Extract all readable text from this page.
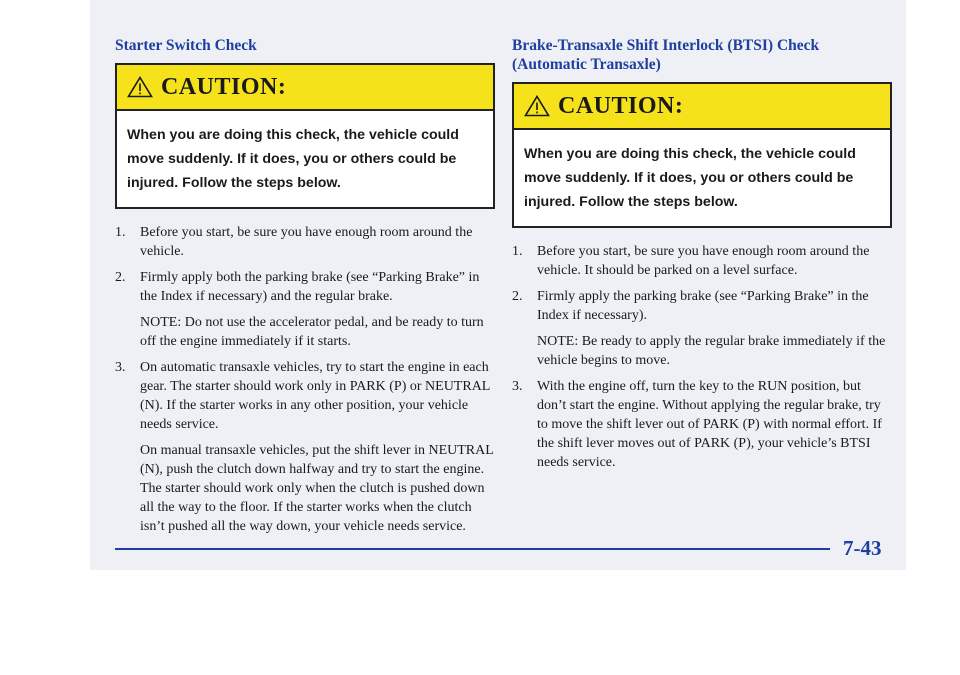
Starter Switch Check
CAUTION:
When you are doing this check, the vehicle could move suddenly. If it does, you or others could be injured. Follow the steps below.
1. Before you start, be sure you have enough room around the vehicle.
2. Firmly apply both the parking brake (see “Parking Brake” in the Index if necessary) and the regular brake.
NOTE: Do not use the accelerator pedal, and be ready to turn off the engine immediately if it starts.
3. On automatic transaxle vehicles, try to start the engine in each gear. The starter should work only in PARK (P) or NEUTRAL (N). If the starter works in any other position, your vehicle needs service.
On manual transaxle vehicles, put the shift lever in NEUTRAL (N), push the clutch down halfway and try to start the engine. The starter should work only when the clutch is pushed down all the way to the floor. If the starter works when the clutch isn’t pushed all the way down, your vehicle needs service.
Brake-Transaxle Shift Interlock (BTSI) Check (Automatic Transaxle)
CAUTION:
When you are doing this check, the vehicle could move suddenly. If it does, you or others could be injured. Follow the steps below.
1. Before you start, be sure you have enough room around the vehicle. It should be parked on a level surface.
2. Firmly apply the parking brake (see “Parking Brake” in the Index if necessary).
NOTE: Be ready to apply the regular brake immediately if the vehicle begins to move.
3. With the engine off, turn the key to the RUN position, but don’t start the engine. Without applying the regular brake, try to move the shift lever out of PARK (P) with normal effort. If the shift lever moves out of PARK (P), your vehicle’s BTSI needs service.
7-43
